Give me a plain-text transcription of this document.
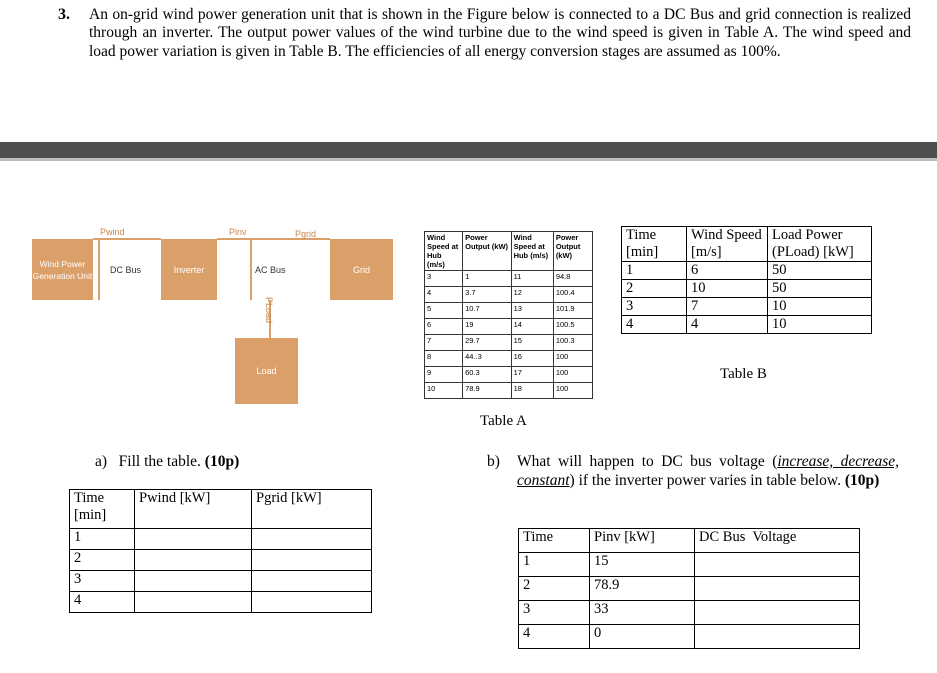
3. An on-grid wind power generation unit that is shown in the Figure below is connected to a DC Bus and grid connection is realized through an inverter. The output power values of the wind turbine due to the wind speed is given in Table A. The wind speed and load power variation is given in Table B. The efficiencies of all energy conversion stages are assumed as 100%.
Wind Power Generation Unit
Pwind
DC Bus	Inverter
Pinv
AC Bus
Pgrid
Grid
PLoad
Load
Wind Speed at Hub (m/s)	Power Output (kW)	Wind Speed at Hub (m/s)	Power Output (kW)
3	1	11	94.8
4	3.7	12	100.4
5	10.7	13	101.9
6	19	14	100.5
7	29.7	15	100.3
8	44..3	16	100
9	60.3	17	100
10	78.9	18	100
Table A
Time [min]	Wind Speed [m/s]	Load Power (PLoad) [kW]
1	6	50
2	10	50
3	7	10
4	4	10
Table B
a) Fill the table. (10p)
Time [min]	Pwind [kW]	Pgrid [kW]
1		
2		
3		
4		
b) What will happen to DC bus voltage (increase, decrease, constant) if the inverter power varies in table below. (10p)
Time	Pinv [kW]	DC Bus  Voltage
1	15	
2	78.9	
3	33	
4	0	
